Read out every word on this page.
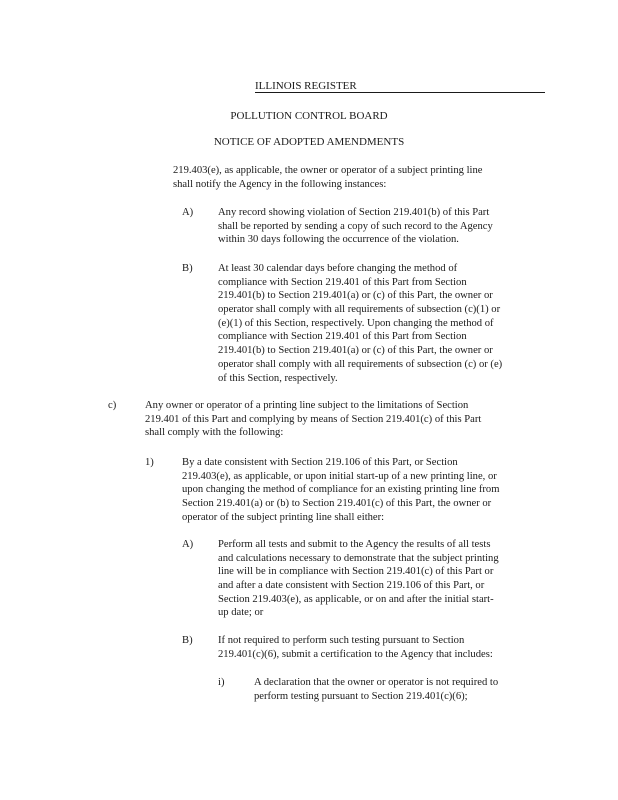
ILLINOIS REGISTER
POLLUTION CONTROL BOARD
NOTICE OF ADOPTED AMENDMENTS
219.403(e), as applicable, the owner or operator of a subject printing line
shall notify the Agency in the following instances:
A) Any record showing violation of Section 219.401(b) of this Part
shall be reported by sending a copy of such record to the Agency
within 30 days following the occurrence of the violation.
B) At least 30 calendar days before changing the method of
compliance with Section 219.401 of this Part from Section
219.401(b) to Section 219.401(a) or (c) of this Part, the owner or
operator shall comply with all requirements of subsection (c)(1) or
(e)(1) of this Section, respectively. Upon changing the method of
compliance with Section 219.401 of this Part from Section
219.401(b) to Section 219.401(a) or (c) of this Part, the owner or
operator shall comply with all requirements of subsection (c) or (e)
of this Section, respectively.
c)	Any owner or operator of a printing line subject to the limitations of Section
219.401 of this Part and complying by means of Section 219.401(c) of this Part
shall comply with the following:
1)	By a date consistent with Section 219.106 of this Part, or Section
219.403(e), as applicable, or upon initial start-up of a new printing line, or
upon changing the method of compliance for an existing printing line from
Section 219.401(a) or (b) to Section 219.401(c) of this Part, the owner or
operator of the subject printing line shall either:
A) Perform all tests and submit to the Agency the results of all tests
and calculations necessary to demonstrate that the subject printing
line will be in compliance with Section 219.401(c) of this Part or
and after a date consistent with Section 219.106 of this Part, or
Section 219.403(e), as applicable, or on and after the initial start-
up date; or
B) If not required to perform such testing pursuant to Section
219.401(c)(6), submit a certification to the Agency that includes:
i)	A declaration that the owner or operator is not required to
perform testing pursuant to Section 219.401(c)(6);
